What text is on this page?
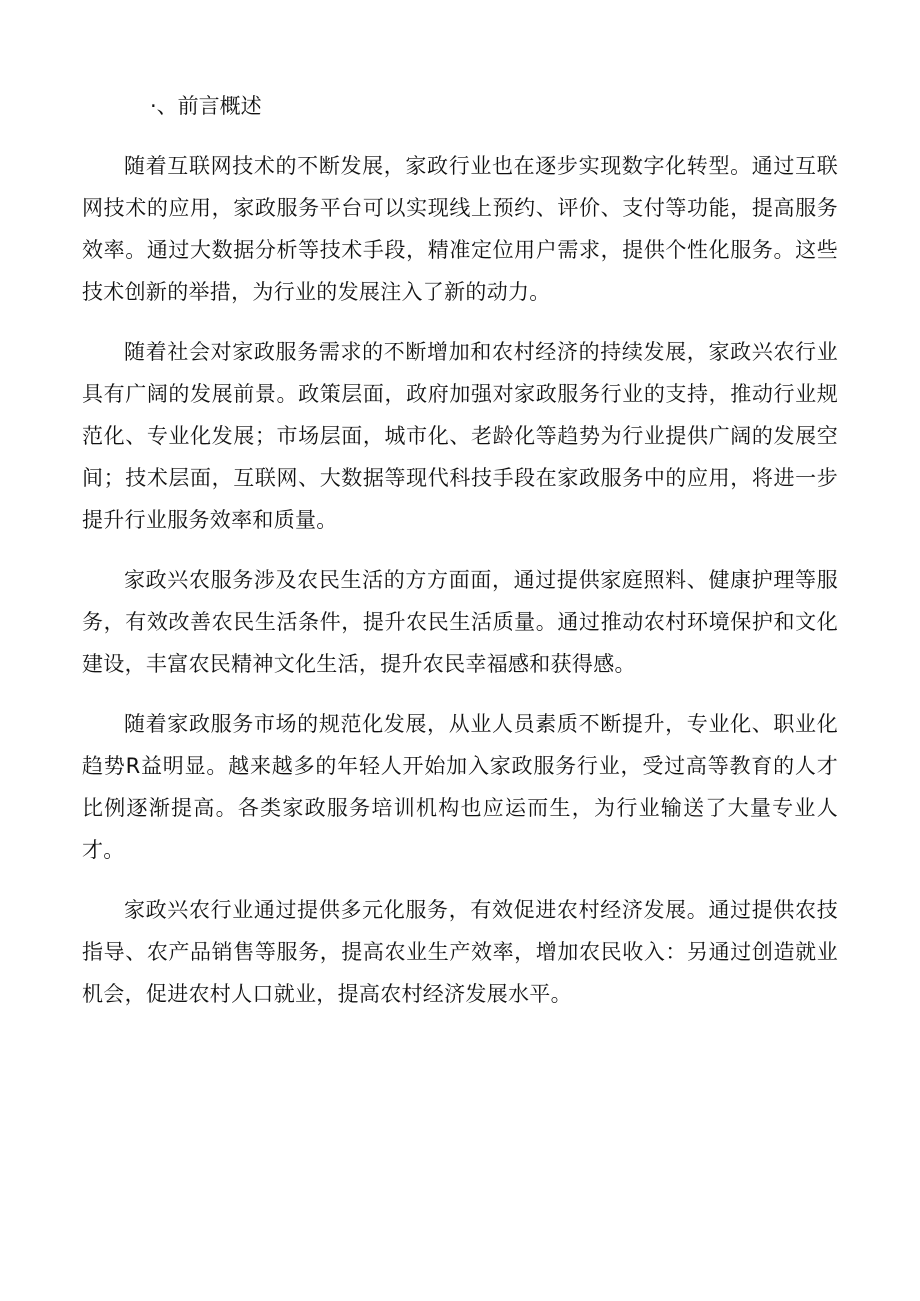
·、前言概述

随着互联网技术的不断发展，家政行业也在逐步实现数字化转型。通过互联网技术的应用，家政服务平台可以实现线上预约、评价、支付等功能，提高服务效率。通过大数据分析等技术手段，精准定位用户需求，提供个性化服务。这些技术创新的举措，为行业的发展注入了新的动力。

随着社会对家政服务需求的不断增加和农村经济的持续发展，家政兴农行业具有广阔的发展前景。政策层面，政府加强对家政服务行业的支持，推动行业规范化、专业化发展；市场层面，城市化、老龄化等趋势为行业提供广阔的发展空间；技术层面，互联网、大数据等现代科技手段在家政服务中的应用，将进一步提升行业服务效率和质量。

家政兴农服务涉及农民生活的方方面面，通过提供家庭照料、健康护理等服务，有效改善农民生活条件，提升农民生活质量。通过推动农村环境保护和文化建设，丰富农民精神文化生活，提升农民幸福感和获得感。

随着家政服务市场的规范化发展，从业人员素质不断提升，专业化、职业化趋势R益明显。越来越多的年轻人开始加入家政服务行业，受过高等教育的人才比例逐渐提高。各类家政服务培训机构也应运而生，为行业输送了大量专业人才。

家政兴农行业通过提供多元化服务，有效促进农村经济发展。通过提供农技指导、农产品销售等服务，提高农业生产效率，增加农民收入：另通过创造就业机会，促进农村人口就业，提高农村经济发展水平。
